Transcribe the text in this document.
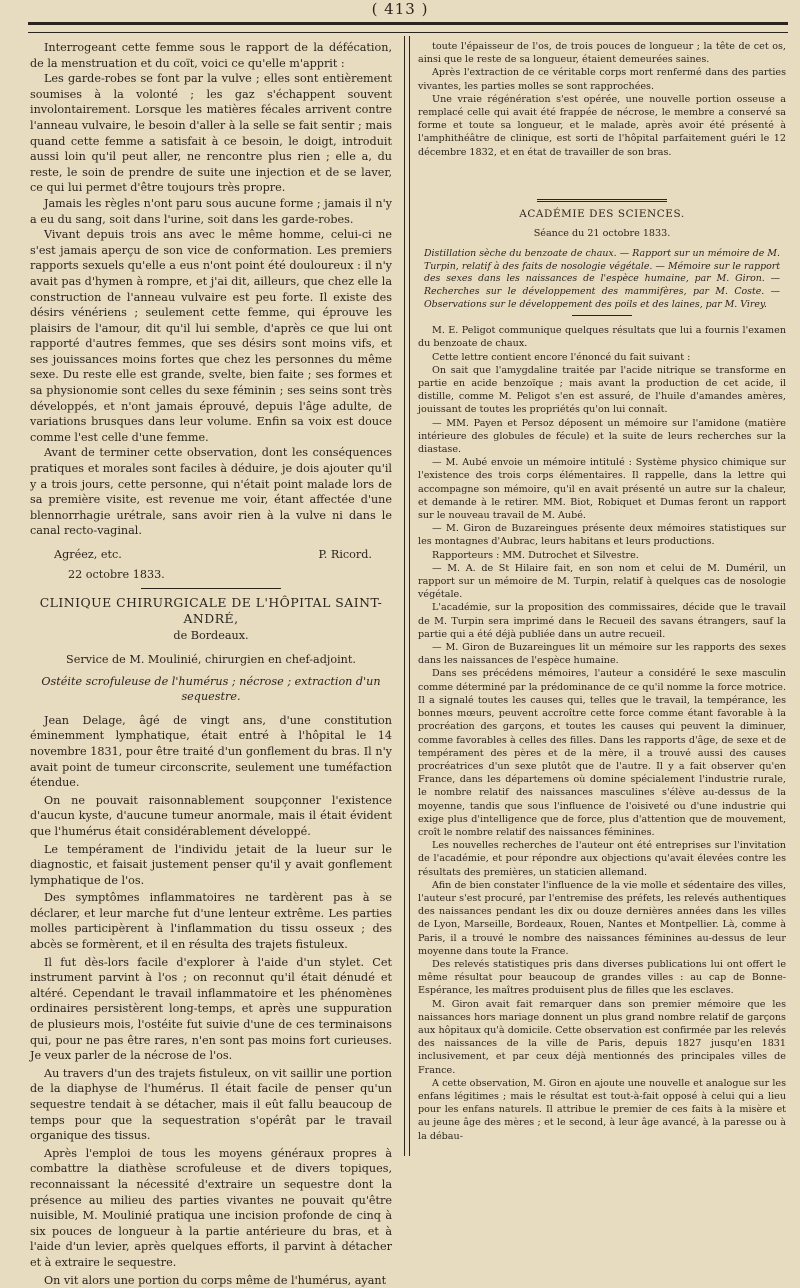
( 413 )

Interrogeant cette femme sous le rapport de la défécation, de la menstruation et du coït, voici ce qu'elle m'apprit :

Les garde-robes se font par la vulve ; elles sont entièrement soumises à la volonté ; les gaz s'échappent souvent involontairement. Lorsque les matières fécales arrivent contre l'anneau vulvaire, le besoin d'aller à la selle se fait sentir ; mais quand cette femme a satisfait à ce besoin, le doigt, introduit aussi loin qu'il peut aller, ne rencontre plus rien ; elle a, du reste, le soin de prendre de suite une injection et de se laver, ce qui lui permet d'être toujours très propre.

Jamais les règles n'ont paru sous aucune forme ; jamais il n'y a eu du sang, soit dans l'urine, soit dans les garde-robes.

Vivant depuis trois ans avec le même homme, celui-ci ne s'est jamais aperçu de son vice de conformation. Les premiers rapports sexuels qu'elle a eus n'ont point été douloureux : il n'y avait pas d'hymen à rompre, et j'ai dit, ailleurs, que chez elle la construction de l'anneau vulvaire est peu forte. Il existe des désirs vénériens ; seulement cette femme, qui éprouve les plaisirs de l'amour, dit qu'il lui semble, d'après ce que lui ont rapporté d'autres femmes, que ses désirs sont moins vifs, et ses jouissances moins fortes que chez les personnes du même sexe. Du reste elle est grande, svelte, bien faite ; ses formes et sa physionomie sont celles du sexe féminin ; ses seins sont très développés, et n'ont jamais éprouvé, depuis l'âge adulte, de variations brusques dans leur volume. Enfin sa voix est douce comme l'est celle d'une femme.

Avant de terminer cette observation, dont les conséquences pratiques et morales sont faciles à déduire, je dois ajouter qu'il y a trois jours, cette personne, qui n'était point malade lors de sa première visite, est revenue me voir, étant affectée d'une blennorrhagie urétrale, sans avoir rien à la vulve ni dans le canal recto-vaginal.

Agréez, etc.	P. Ricord.
22 octobre 1833.
CLINIQUE CHIRURGICALE DE L'HÔPITAL SAINT-ANDRÉ,
de Bordeaux.
Service de M. Moulinié, chirurgien en chef-adjoint.
Ostéite scrofuleuse de l'humérus ; nécrose ; extraction d'un sequestre.

Jean Delage, âgé de vingt ans, d'une constitution éminemment lymphatique, était entré à l'hôpital le 14 novembre 1831, pour être traité d'un gonflement du bras. Il n'y avait point de tumeur circonscrite, seulement une tuméfaction étendue.

On ne pouvait raisonnablement soupçonner l'existence d'aucun kyste, d'aucune tumeur anormale, mais il était évident que l'humérus était considérablement développé.

Le tempérament de l'individu jetait de la lueur sur le diagnostic, et faisait justement penser qu'il y avait gonflement lymphatique de l'os.

Des symptômes inflammatoires ne tardèrent pas à se déclarer, et leur marche fut d'une lenteur extrême. Les parties molles participèrent à l'inflammation du tissu osseux ; des abcès se formèrent, et il en résulta des trajets fistuleux.

Il fut dès-lors facile d'explorer à l'aide d'un stylet. Cet instrument parvint à l'os ; on reconnut qu'il était dénudé et altéré. Cependant le travail inflammatoire et les phénomènes ordinaires persistèrent long-temps, et après une suppuration de plusieurs mois, l'ostéite fut suivie d'une de ces terminaisons qui, pour ne pas être rares, n'en sont pas moins fort curieuses. Je veux parler de la nécrose de l'os.

Au travers d'un des trajets fistuleux, on vit saillir une portion de la diaphyse de l'humérus. Il était facile de penser qu'un sequestre tendait à se détacher, mais il eût fallu beaucoup de temps pour que la sequestration s'opérât par le travail organique des tissus.

Après l'emploi de tous les moyens généraux propres à combattre la diathèse scrofuleuse et de divers topiques, reconnaissant la nécessité d'extraire un sequestre dont la présence au milieu des parties vivantes ne pouvait qu'être nuisible, M. Moulinié pratiqua une incision profonde de cinq à six pouces de longueur à la partie antérieure du bras, et à l'aide d'un levier, après quelques efforts, il parvint à détacher et à extraire le sequestre.

On vit alors une portion du corps même de l'humérus, ayant

toute l'épaisseur de l'os, de trois pouces de longueur ; la tête de cet os, ainsi que le reste de sa longueur, étaient demeurées saines.

Après l'extraction de ce véritable corps mort renfermé dans des parties vivantes, les parties molles se sont rapprochées.

Une vraie régénération s'est opérée, une nouvelle portion osseuse a remplacé celle qui avait été frappée de nécrose, le membre a conservé sa forme et toute sa longueur, et le malade, après avoir été présenté à l'amphithéâtre de clinique, est sorti de l'hôpital parfaitement guéri le 12 décembre 1832, et en état de travailler de son bras.

ACADÉMIE DES SCIENCES.
Séance du 21 octobre 1833.

Distillation sèche du benzoate de chaux. — Rapport sur un mémoire de M. Turpin, relatif à des faits de nosologie végétale. — Mémoire sur le rapport des sexes dans les naissances de l'espèce humaine, par M. Giron. — Recherches sur le développement des mammifères, par M. Coste. — Observations sur le développement des poils et des laines, par M. Virey.

M. E. Peligot communique quelques résultats que lui a fournis l'examen du benzoate de chaux.

Cette lettre contient encore l'énoncé du fait suivant :

On sait que l'amygdaline traitée par l'acide nitrique se transforme en partie en acide benzoïque ; mais avant la production de cet acide, il distille, comme M. Peligot s'en est assuré, de l'huile d'amandes amères, jouissant de toutes les propriétés qu'on lui connaît.

— MM. Payen et Persoz déposent un mémoire sur l'amidone (matière intérieure des globules de fécule) et la suite de leurs recherches sur la diastase.

— M. Aubé envoie un mémoire intitulé : Système physico chimique sur l'existence des trois corps élémentaires. Il rappelle, dans la lettre qui accompagne son mémoire, qu'il en avait présenté un autre sur la chaleur, et demande à le retirer. MM. Biot, Robiquet et Dumas feront un rapport sur le nouveau travail de M. Aubé.

— M. Giron de Buzareingues présente deux mémoires statistiques sur les montagnes d'Aubrac, leurs habitans et leurs productions.

Rapporteurs : MM. Dutrochet et Silvestre.

— M. A. de St Hilaire fait, en son nom et celui de M. Duméril, un rapport sur un mémoire de M. Turpin, relatif à quelques cas de nosologie végétale.

L'académie, sur la proposition des commissaires, décide que le travail de M. Turpin sera imprimé dans le Recueil des savans étrangers, sauf la partie qui a été déjà publiée dans un autre recueil.

— M. Giron de Buzareingues lit un mémoire sur les rapports des sexes dans les naissances de l'espèce humaine.

Dans ses précédens mémoires, l'auteur a considéré le sexe masculin comme déterminé par la prédominance de ce qu'il nomme la force motrice. Il a signalé toutes les causes qui, telles que le travail, la tempérance, les bonnes mœurs, peuvent accroître cette force comme étant favorable à la procréation des garçons, et toutes les causes qui peuvent la diminuer, comme favorables à celles des filles. Dans les rapports d'âge, de sexe et de tempérament des pères et de la mère, il a trouvé aussi des causes procréatrices d'un sexe plutôt que de l'autre. Il y a fait observer qu'en France, dans les départemens où domine spécialement l'industrie rurale, le nombre relatif des naissances masculines s'élève au-dessus de la moyenne, tandis que sous l'influence de l'oisiveté ou d'une industrie qui exige plus d'intelligence que de force, plus d'attention que de mouvement, croît le nombre relatif des naissances féminines.

Les nouvelles recherches de l'auteur ont été entreprises sur l'invitation de l'académie, et pour répondre aux objections qu'avait élevées contre les résultats des premières, un staticien allemand.

Afin de bien constater l'influence de la vie molle et sédentaire des villes, l'auteur s'est procuré, par l'entremise des préfets, les relevés authentiques des naissances pendant les dix ou douze dernières années dans les villes de Lyon, Marseille, Bordeaux, Rouen, Nantes et Montpellier. Là, comme à Paris, il a trouvé le nombre des naissances féminines au-dessus de leur moyenne dans toute la France.

Des relevés statistiques pris dans diverses publications lui ont offert le même résultat pour beaucoup de grandes villes : au cap de Bonne-Espérance, les maîtres produisent plus de filles que les esclaves.

M. Giron avait fait remarquer dans son premier mémoire que les naissances hors mariage donnent un plus grand nombre relatif de garçons aux hôpitaux qu'à domicile. Cette observation est confirmée par les relevés des naissances de la ville de Paris, depuis 1827 jusqu'en 1831 inclusivement, et par ceux déjà mentionnés des principales villes de France.

A cette observation, M. Giron en ajoute une nouvelle et analogue sur les enfans légitimes ; mais le résultat est tout-à-fait opposé à celui qui a lieu pour les enfans naturels. Il attribue le premier de ces faits à la misère et au jeune âge des mères ; et le second, à leur âge avancé, à la paresse ou à la débau-
